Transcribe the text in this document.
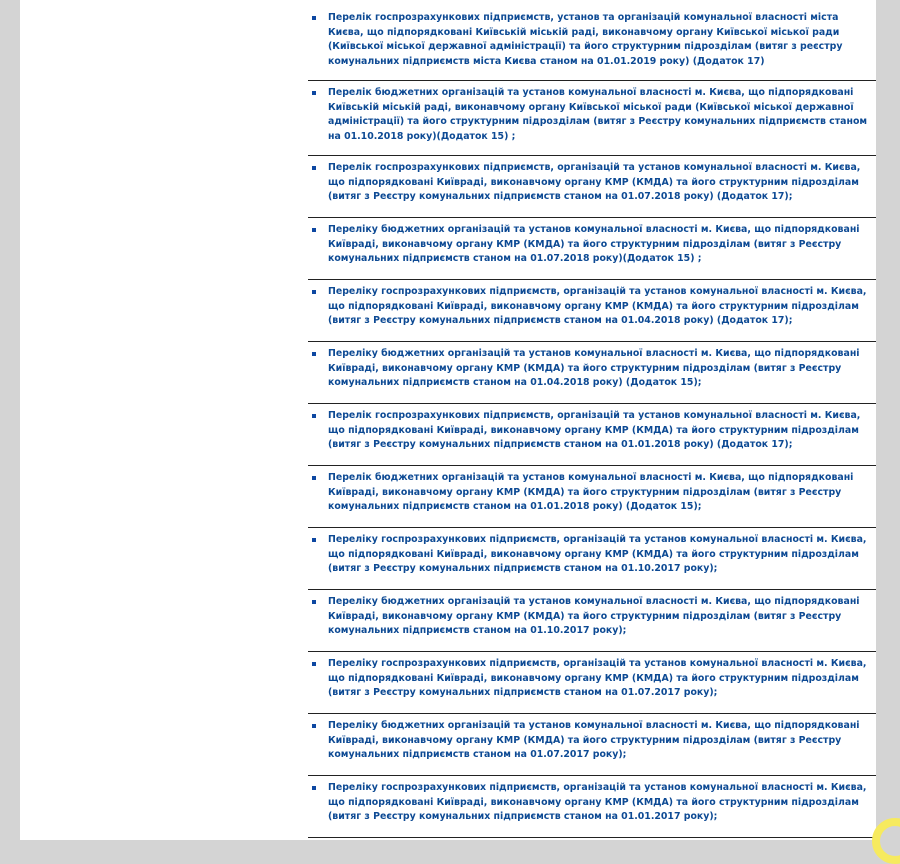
Перелік госпрозрахункових підприємств, установ та організацій комунальної власності міста Києва, що підпорядковані Київській міській раді, виконавчому органу Київської міської ради (Київської міської державної адміністрації) та його структурним підрозділам (витяг з реєстру комунальних підприємств міста Києва станом на 01.01.2019 року) (Додаток 17)
Перелік бюджетних організацій та установ комунальної власності м. Києва, що підпорядковані Київській міській раді, виконавчому органу Київської міської ради (Київської міської державної адміністрації) та його структурним підрозділам (витяг з Реєстру комунальних підприємств станом на 01.10.2018 року)(Додаток 15) ;
Перелік госпрозрахункових підприємств, організацій та установ комунальної власності м. Києва, що підпорядковані Київраді, виконавчому органу КМР (КМДА) та його структурним підрозділам (витяг з Реєстру комунальних підприємств станом на 01.07.2018 року) (Додаток 17);
Переліку бюджетних організацій та установ комунальної власності м. Києва, що підпорядковані Київраді, виконавчому органу КМР (КМДА) та його структурним підрозділам (витяг з Реєстру комунальних підприємств станом на 01.07.2018 року)(Додаток 15) ;
Переліку госпрозрахункових підприємств, організацій та установ комунальної власності м. Києва, що підпорядковані Київраді, виконавчому органу КМР (КМДА) та його структурним підрозділам (витяг з Реєстру комунальних підприємств станом на 01.04.2018 року) (Додаток 17);
Переліку бюджетних організацій та установ комунальної власності м. Києва, що підпорядковані Київраді, виконавчому органу КМР (КМДА) та його структурним підрозділам (витяг з Реєстру комунальних підприємств станом на 01.04.2018 року) (Додаток 15);
Перелік госпрозрахункових підприємств, організацій та установ комунальної власності м. Києва, що підпорядковані Київраді, виконавчому органу КМР (КМДА) та його структурним підрозділам (витяг з Реєстру комунальних підприємств станом на 01.01.2018 року) (Додаток 17);
Перелік бюджетних організацій та установ комунальної власності м. Києва, що підпорядковані Київраді, виконавчому органу КМР (КМДА) та його структурним підрозділам (витяг з Реєстру комунальних підприємств станом на 01.01.2018 року) (Додаток 15);
Переліку госпрозрахункових підприємств, організацій та установ комунальної власності м. Києва, що підпорядковані Київраді, виконавчому органу КМР (КМДА) та його структурним підрозділам (витяг з Реєстру комунальних підприємств станом на 01.10.2017 року);
Переліку бюджетних організацій та установ комунальної власності м. Києва, що підпорядковані Київраді, виконавчому органу КМР (КМДА) та його структурним підрозділам (витяг з Реєстру комунальних підприємств станом на 01.10.2017 року);
Переліку госпрозрахункових підприємств, організацій та установ комунальної власності м. Києва, що підпорядковані Київраді, виконавчому органу КМР (КМДА) та його структурним підрозділам (витяг з Реєстру комунальних підприємств станом на 01.07.2017 року);
Переліку бюджетних організацій та установ комунальної власності м. Києва, що підпорядковані Київраді, виконавчому органу КМР (КМДА) та його структурним підрозділам (витяг з Реєстру комунальних підприємств станом на 01.07.2017 року);
Переліку госпрозрахункових підприємств, організацій та установ комунальної власності м. Києва, що підпорядковані Київраді, виконавчому органу КМР (КМДА) та його структурним підрозділам (витяг з Реєстру комунальних підприємств станом на 01.01.2017 року);
